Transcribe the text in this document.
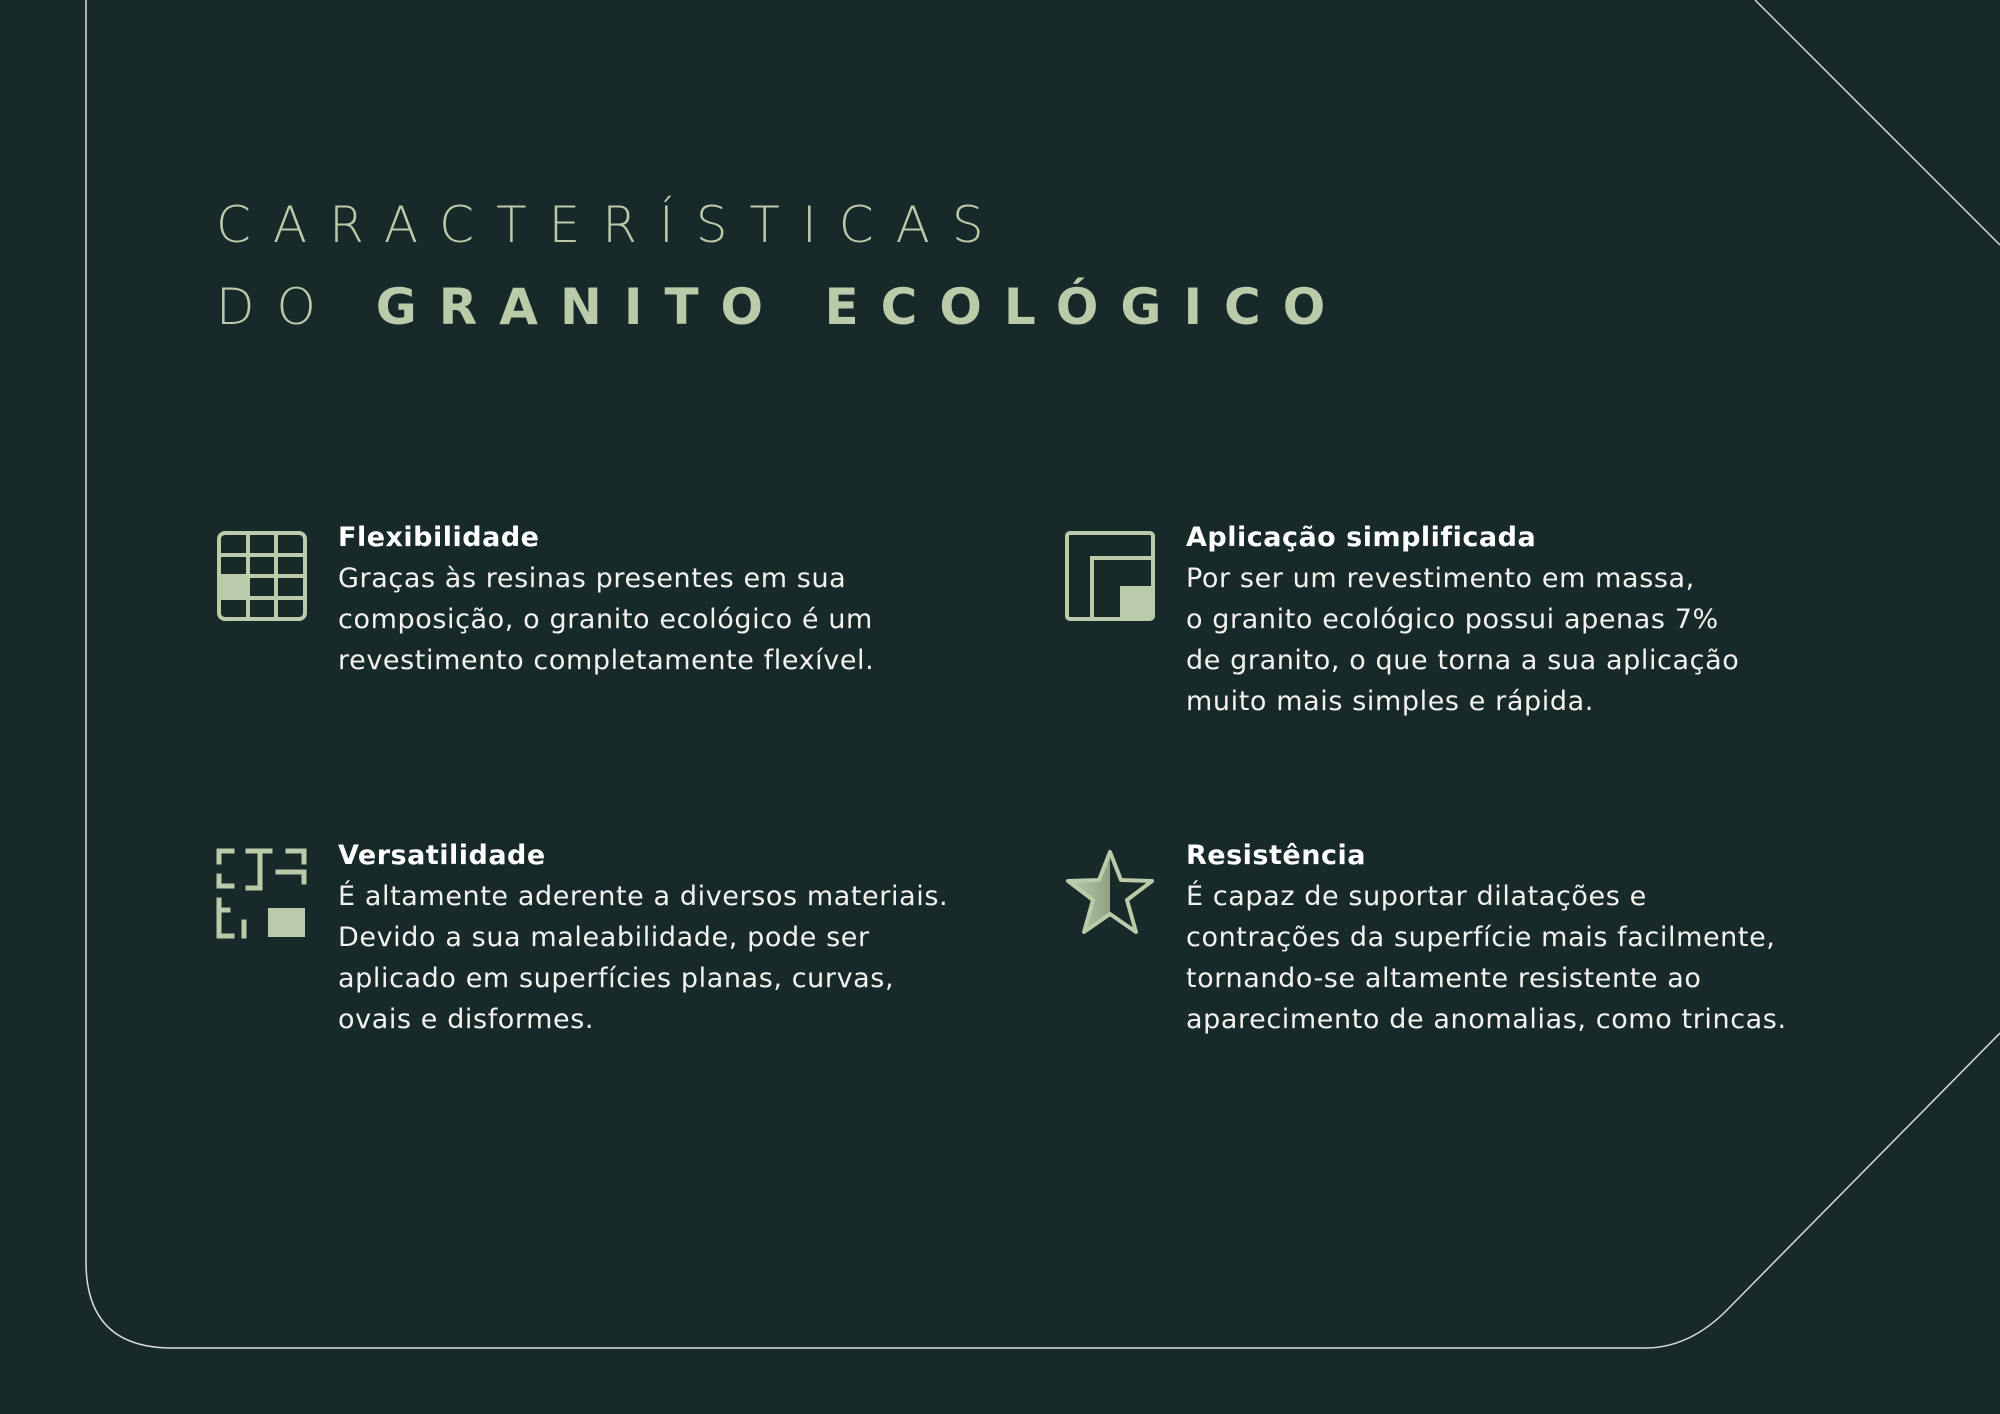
CARACTERÍSTICAS
DO GRANITO ECOLÓGICO
Flexibilidade

Graças às resinas presentes em sua
composição, o granito ecológico é um
revestimento completamente flexível.

Aplicação simplificada

Por ser um revestimento em massa,
o granito ecológico possui apenas 7%
de granito, o que torna a sua aplicação
muito mais simples e rápida.

Versatilidade

É altamente aderente a diversos materiais.
Devido a sua maleabilidade, pode ser
aplicado em superfícies planas, curvas,
ovais e disformes.

Resistência

É capaz de suportar dilatações e
contrações da superfície mais facilmente,
tornando-se altamente resistente ao
aparecimento de anomalias, como trincas.
